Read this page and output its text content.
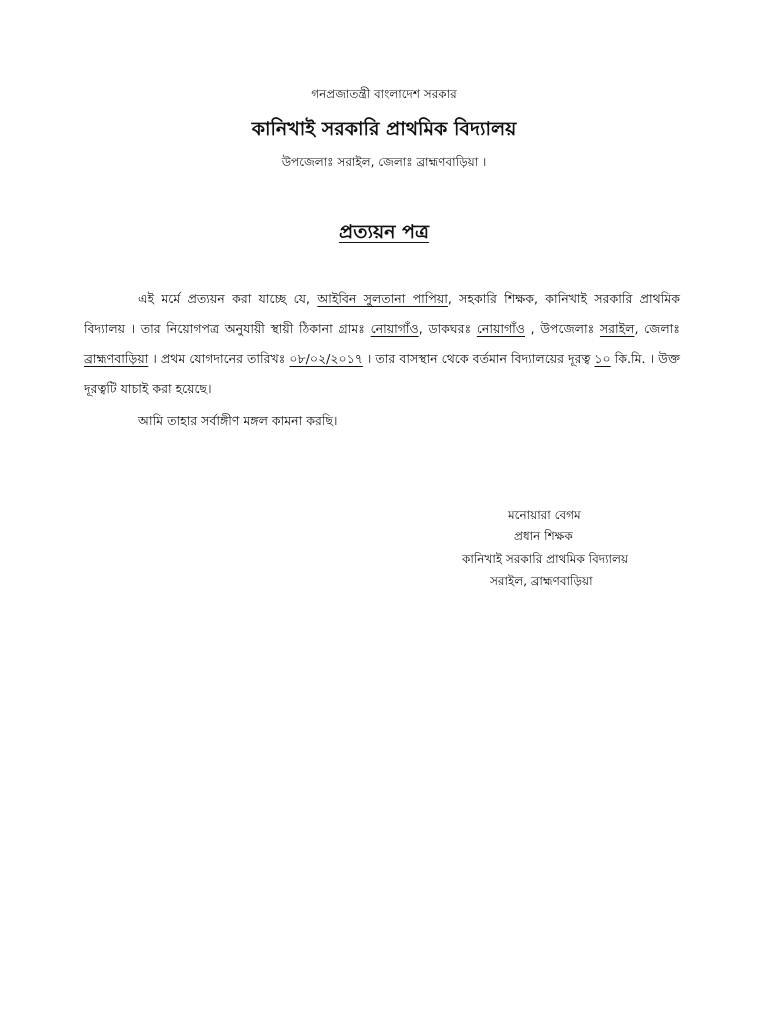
গনপ্রজাতন্ত্রী বাংলাদেশ সরকার
কানিখাই সরকারি প্রাথমিক বিদ্যালয়
উপজেলাঃ সরাইল, জেলাঃ ব্রাহ্মণবাড়িয়া ।
প্রত্যয়ন পত্র

এই মর্মে প্রত্যয়ন করা যাচ্ছে যে, আইবিন সুলতানা পাপিয়া, সহকারি শিক্ষক, কানিখাই সরকারি প্রাথমিক বিদ্যালয় । তার নিয়োগপত্র অনুযায়ী স্থায়ী ঠিকানা গ্রামঃ নোয়াগাঁও, ডাকঘরঃ নোয়াগাঁও , উপজেলাঃ সরাইল, জেলাঃ ব্রাহ্মণবাড়িয়া । প্রথম যোগদানের তারিখঃ ০৮/০২/২০১৭ । তার বাসস্থান থেকে বর্তমান বিদ্যালয়ের দূরত্ব ১০ কি.মি. । উক্ত দূরত্বটি যাচাই করা হয়েছে।

আমি তাহার সর্বাঙ্গীণ মঙ্গল কামনা করছি।
মনোয়ারা বেগম
প্রধান শিক্ষক
কানিখাই সরকারি প্রাথমিক বিদ্যালয়
সরাইল, ব্রাহ্মণবাড়িয়া
